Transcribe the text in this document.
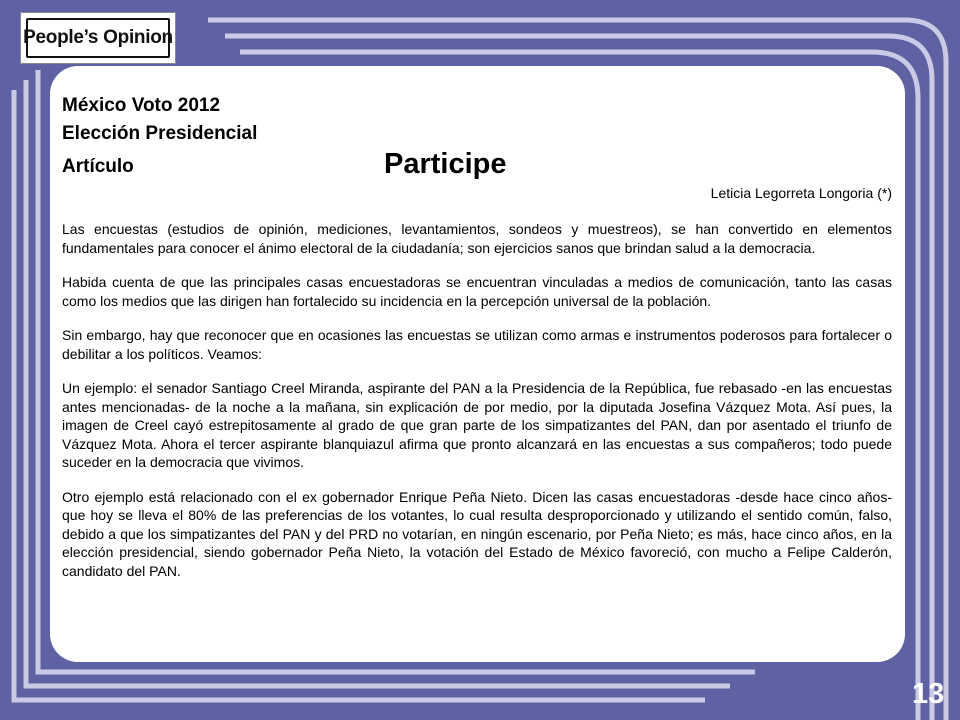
People’s Opinion
México Voto 2012
Elección Presidencial
Artículo	Participe
Leticia Legorreta Longoria (*)

Las encuestas (estudios de opinión, mediciones, levantamientos, sondeos y muestreos), se han convertido en elementos fundamentales para conocer el ánimo electoral de la ciudadanía; son ejercicios sanos que brindan salud a la democracia.

Habida cuenta de que las principales casas encuestadoras se encuentran vinculadas a medios de comunicación, tanto las casas como los medios que las dirigen han fortalecido su incidencia en la percepción universal de la población.

Sin embargo, hay que reconocer que en ocasiones las encuestas se utilizan como armas e instrumentos poderosos para fortalecer o debilitar a los políticos. Veamos:

Un ejemplo: el senador Santiago Creel Miranda, aspirante del PAN a la Presidencia de la República, fue rebasado -en las encuestas antes mencionadas- de la noche a la mañana, sin explicación de por medio, por la diputada Josefina Vázquez Mota. Así pues, la imagen de Creel cayó estrepitosamente al grado de que gran parte de los simpatizantes del PAN, dan por asentado el triunfo de Vázquez Mota. Ahora el tercer aspirante blanquiazul afirma que pronto alcanzará en las encuestas a sus compañeros; todo puede suceder en la democracia que vivimos.

Otro ejemplo está relacionado con el ex gobernador Enrique Peña Nieto. Dicen las casas encuestadoras -desde hace cinco años- que hoy se lleva el 80% de las preferencias de los votantes, lo cual resulta desproporcionado y utilizando el sentido común, falso, debido a que los simpatizantes del PAN y del PRD no votarían, en ningún escenario, por Peña Nieto; es más, hace cinco años, en la elección presidencial, siendo gobernador Peña Nieto, la votación del Estado de México favoreció, con mucho a Felipe Calderón, candidato del PAN.

13
